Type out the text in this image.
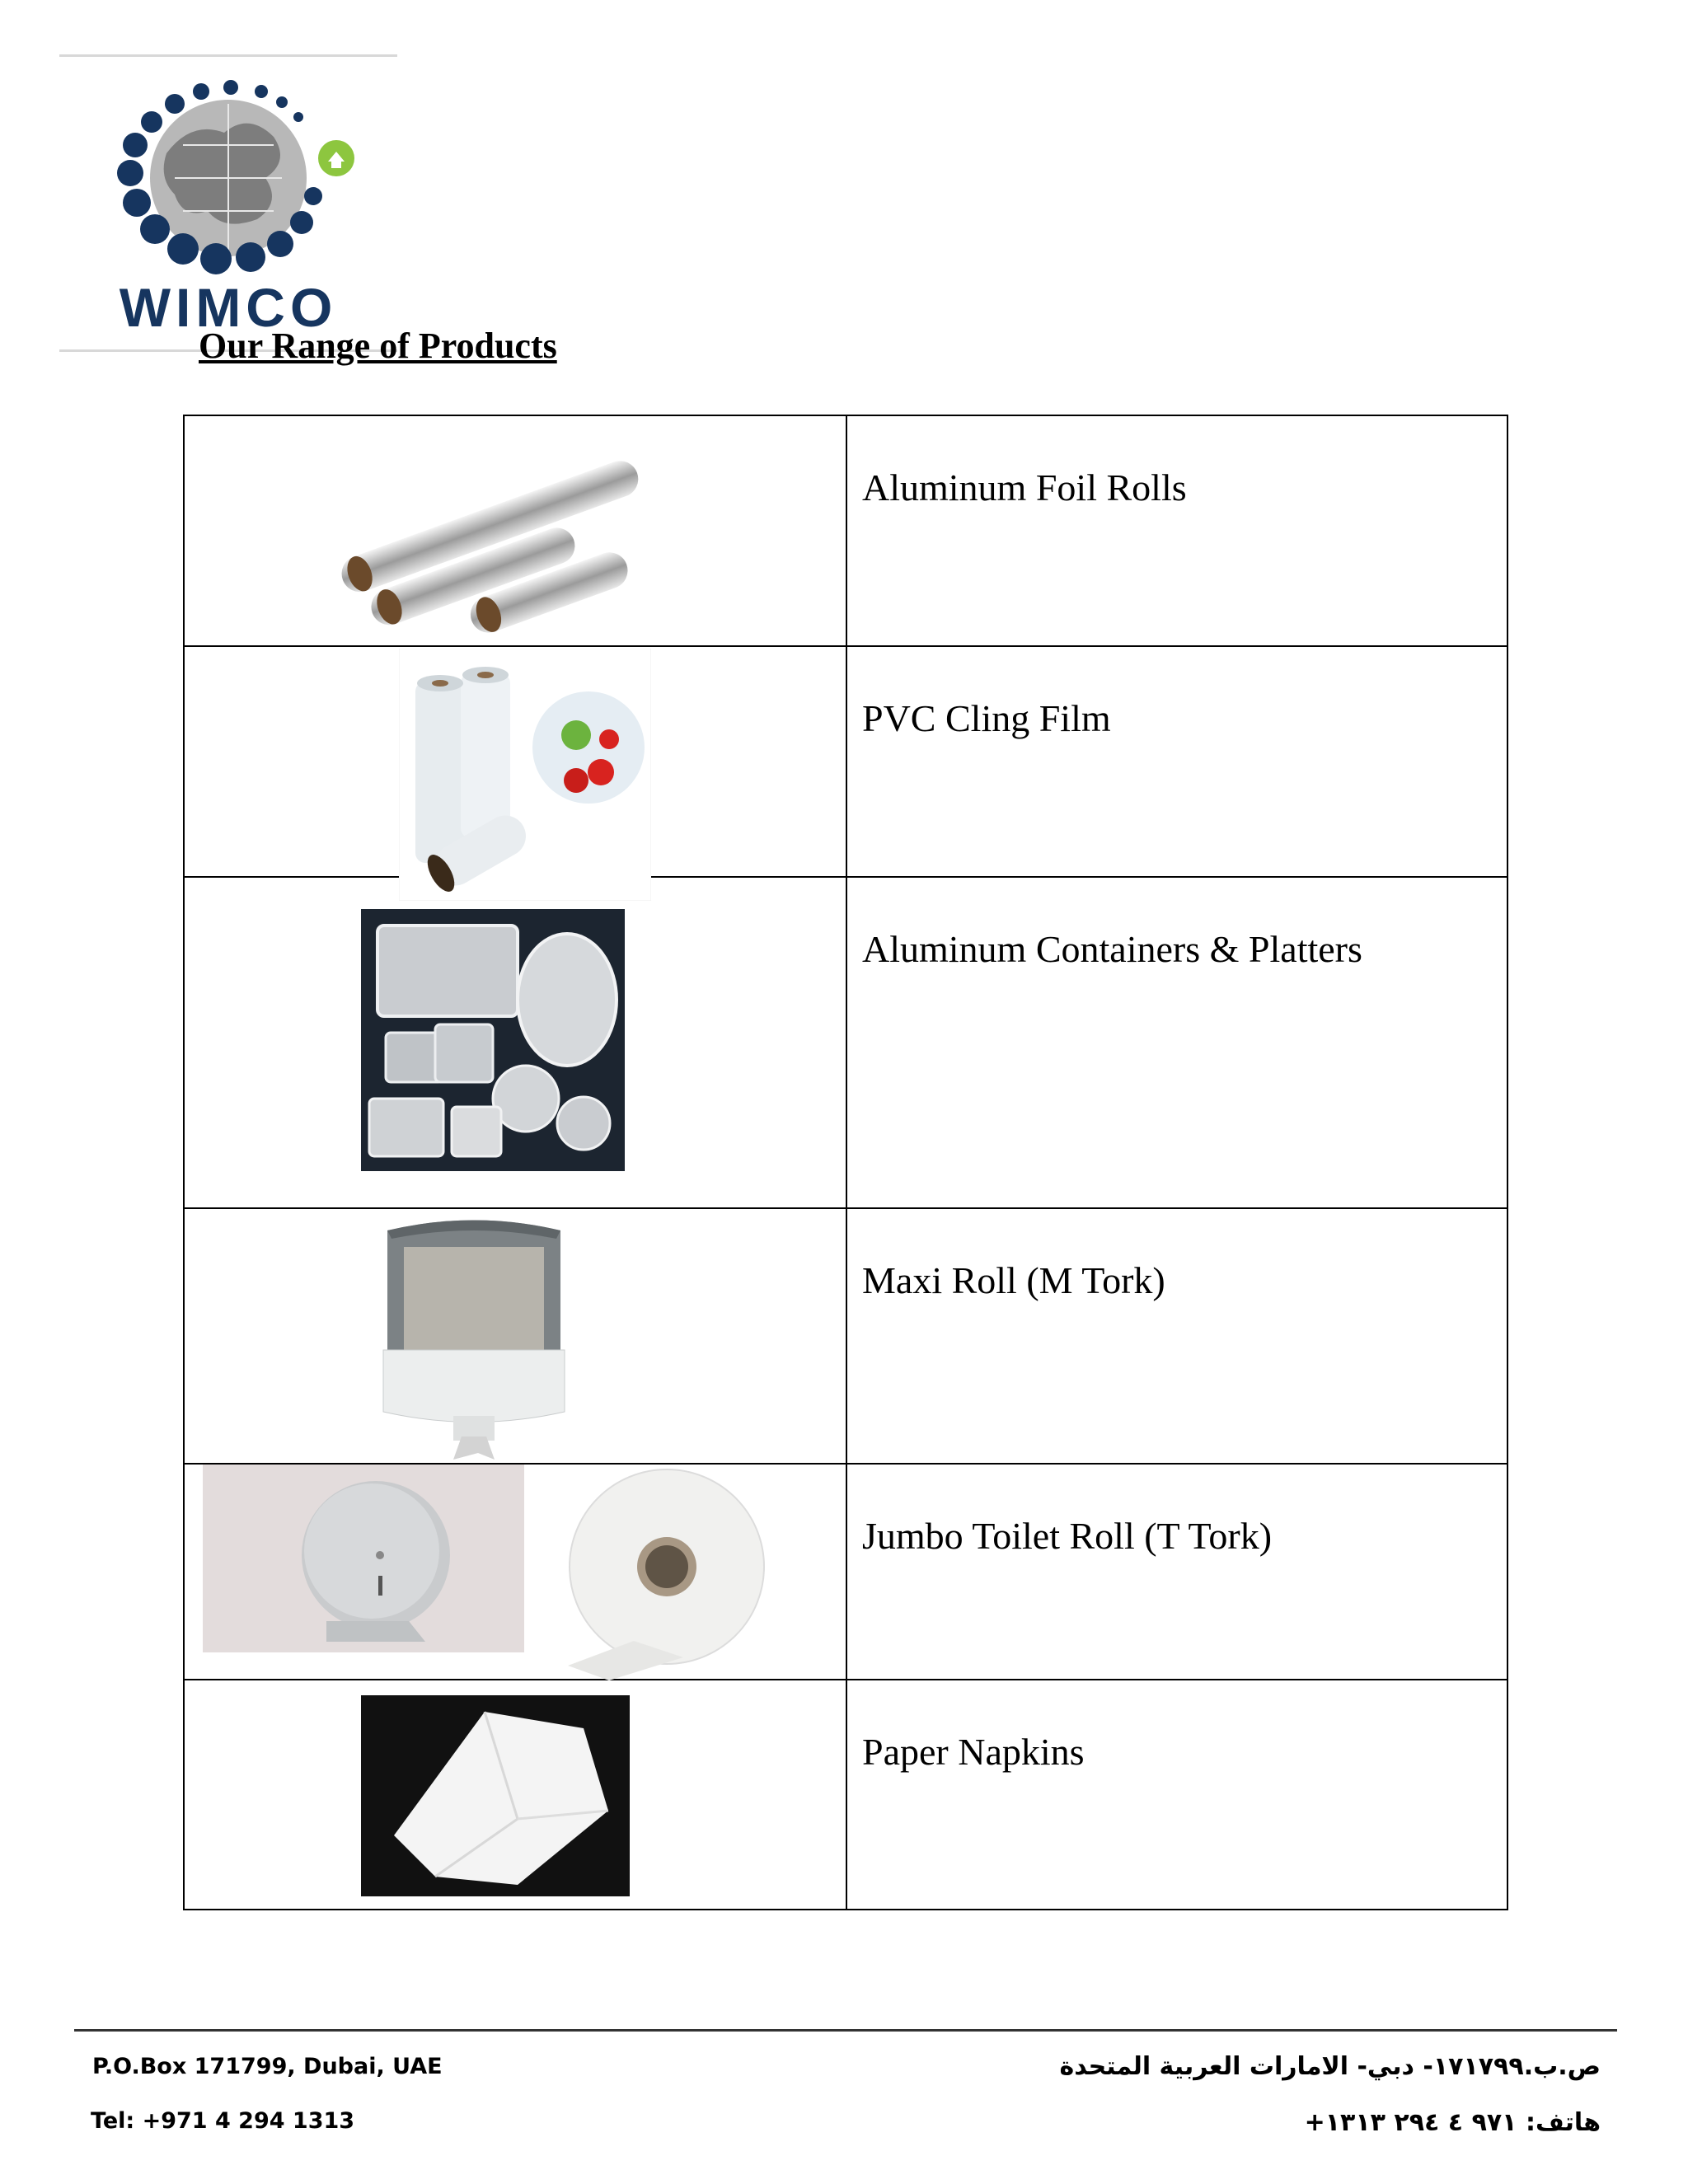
WIMCO
Our Range of Products
	Aluminum Foil Rolls

	PVC Cling Film

	Aluminum Containers & Platters

	Maxi Roll (M Tork)

	Jumbo Toilet Roll (T Tork)

	Paper Napkins
P.O.Box 171799, Dubai, UAE
Tel: +971 4 294 1313
ص.ب.١٧١٧٩٩- دبي- الامارات العربية المتحدة
هاتف: ٩٧١ ٤ ٢٩٤ ١٣١٣+
